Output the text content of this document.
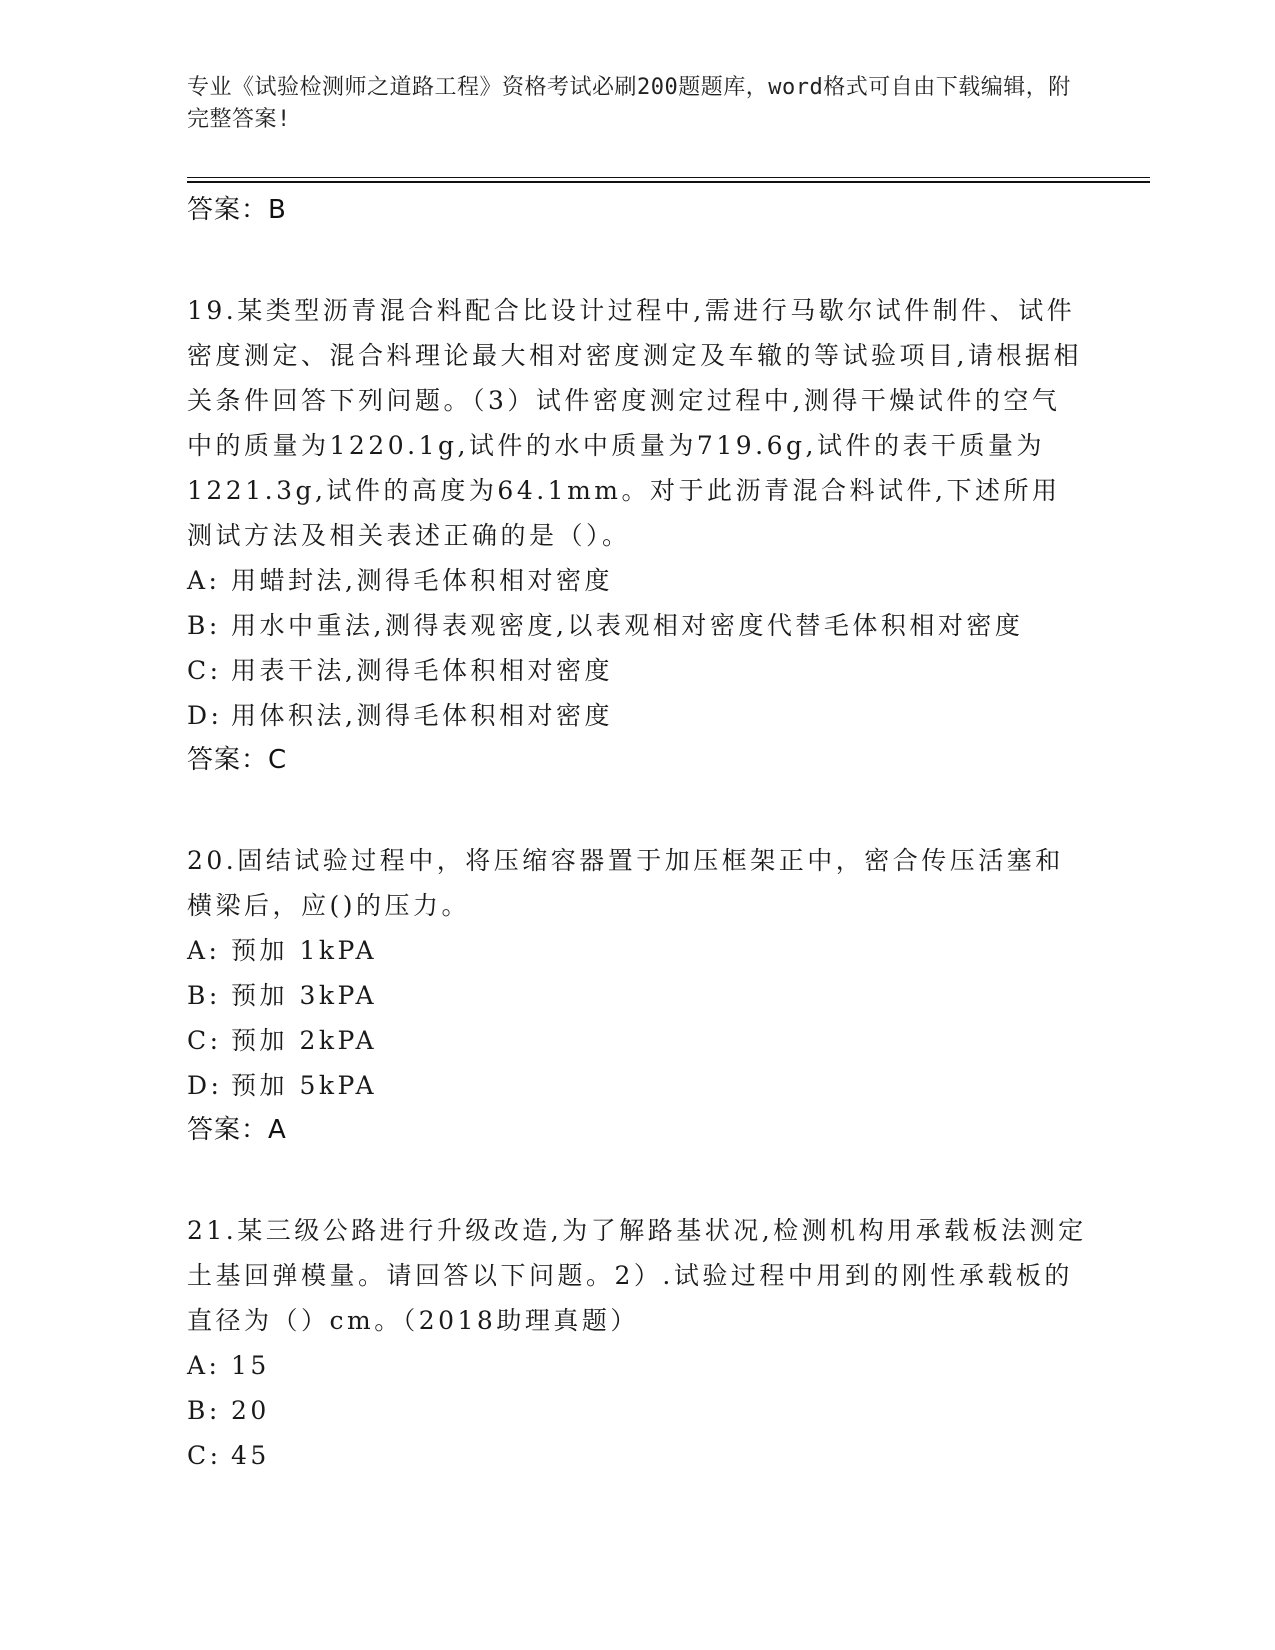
专业《试验检测师之道路工程》资格考试必刷200题题库，word格式可自由下载编辑，附完整答案!

答案：B

19.某类型沥青混合料配合比设计过程中,需进行马歇尔试件制件、试件密度测定、混合料理论最大相对密度测定及车辙的等试验项目,请根据相关条件回答下列问题。（3）试件密度测定过程中,测得干燥试件的空气中的质量为1220.1g,试件的水中质量为719.6g,试件的表干质量为1221.3g,试件的高度为64.1mm。对于此沥青混合料试件,下述所用测试方法及相关表述正确的是（）。

A: 用蜡封法,测得毛体积相对密度

B: 用水中重法,测得表观密度,以表观相对密度代替毛体积相对密度

C: 用表干法,测得毛体积相对密度

D: 用体积法,测得毛体积相对密度

答案：C

20.固结试验过程中，将压缩容器置于加压框架正中，密合传压活塞和横梁后，应()的压力。

A: 预加 1kPA

B: 预加 3kPA

C: 预加 2kPA

D: 预加 5kPA

答案：A

21.某三级公路进行升级改造,为了解路基状况,检测机构用承载板法测定土基回弹模量。请回答以下问题。2）.试验过程中用到的刚性承载板的直径为（）cm。（2018助理真题）

A: 15

B: 20

C: 45
